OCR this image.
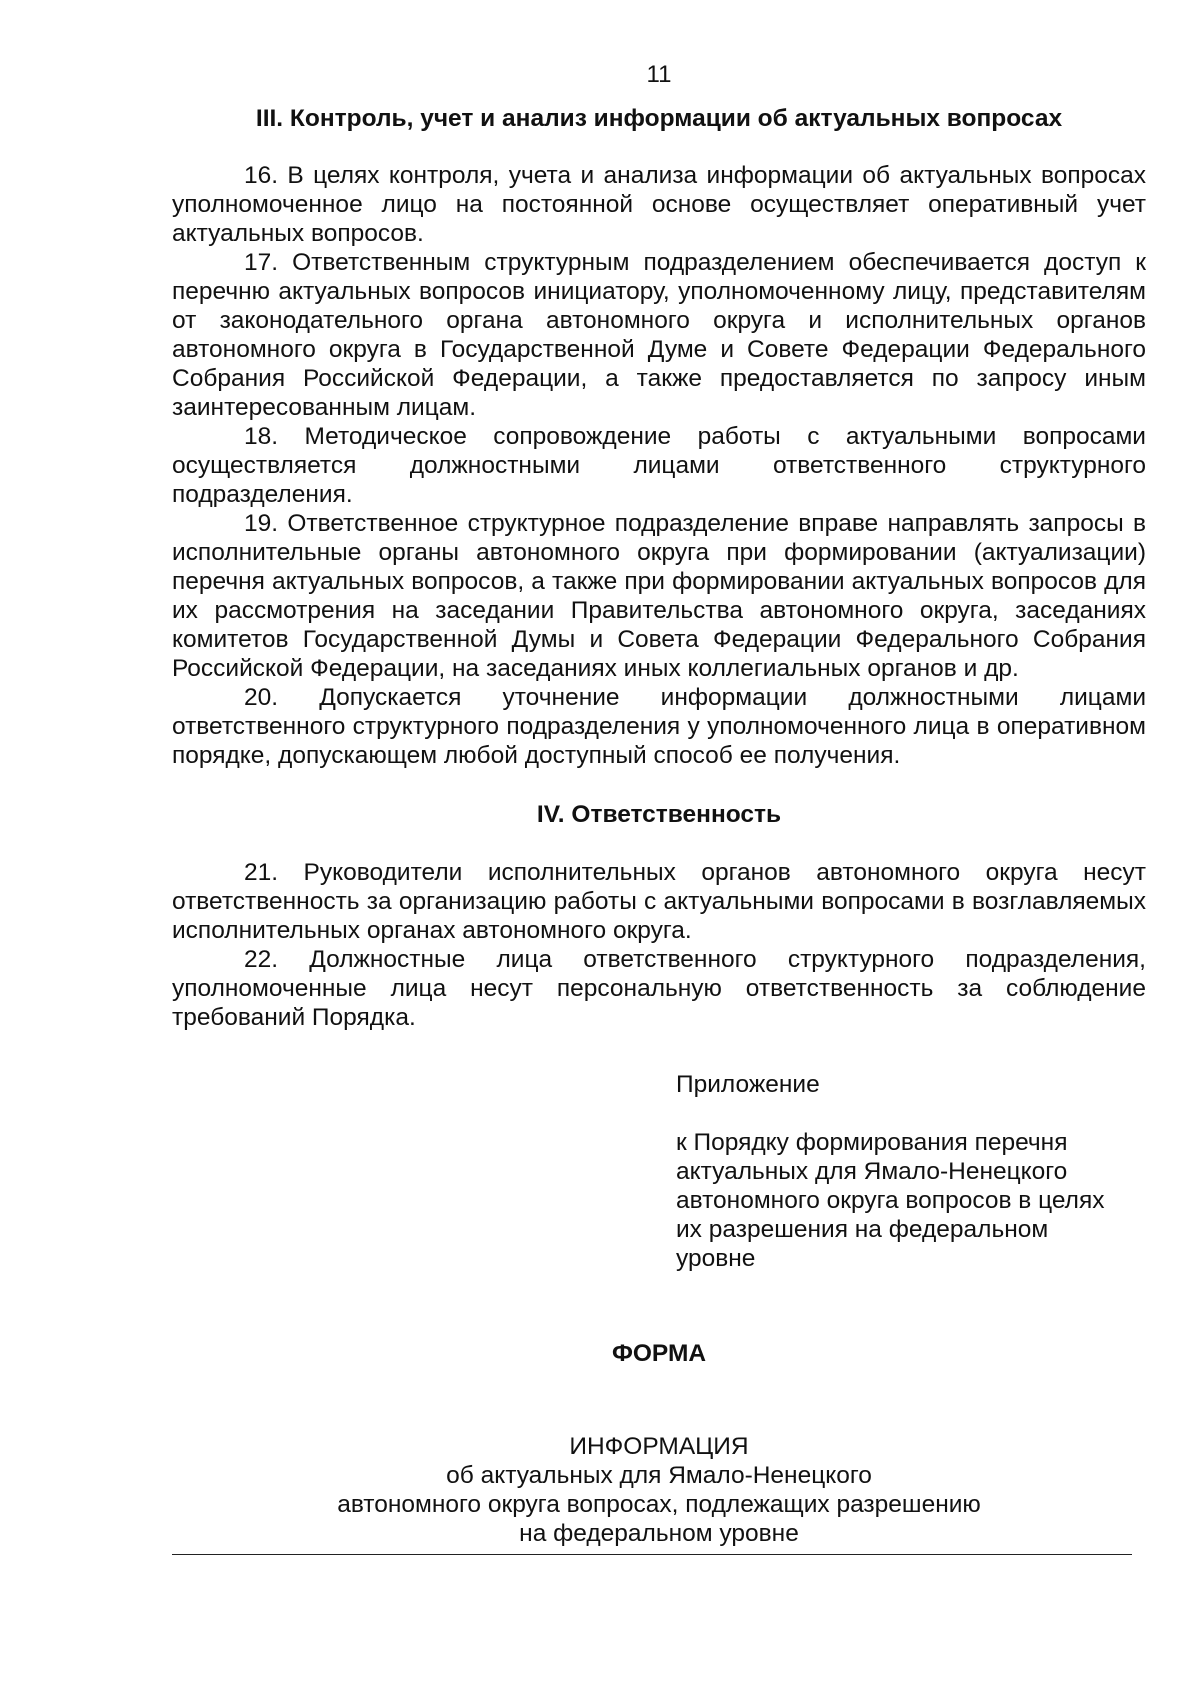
11
III. Контроль, учет и анализ информации об актуальных вопросах

16. В целях контроля, учета и анализа информации об актуальных вопросах уполномоченное лицо на постоянной основе осуществляет оперативный учет актуальных вопросов.

17. Ответственным структурным подразделением обеспечивается доступ к перечню актуальных вопросов инициатору, уполномоченному лицу, представителям от законодательного органа автономного округа и исполнительных органов автономного округа в Государственной Думе и Совете Федерации Федерального Собрания Российской Федерации, а также предоставляется по запросу иным заинтересованным лицам.

18. Методическое сопровождение работы с актуальными вопросами осуществляется должностными лицами ответственного структурного подразделения.

19. Ответственное структурное подразделение вправе направлять запросы в исполнительные органы автономного округа при формировании (актуализации) перечня актуальных вопросов, а также при формировании актуальных вопросов для их рассмотрения на заседании Правительства автономного округа, заседаниях комитетов Государственной Думы и Совета Федерации Федерального Собрания Российской Федерации, на заседаниях иных коллегиальных органов и др.

20. Допускается уточнение информации должностными лицами ответственного структурного подразделения у уполномоченного лица в оперативном порядке, допускающем любой доступный способ ее получения.

IV. Ответственность

21. Руководители исполнительных органов автономного округа несут ответственность за организацию работы с актуальными вопросами в возглавляемых исполнительных органах автономного округа.

22. Должностные лица ответственного структурного подразделения, уполномоченные лица несут персональную ответственность за соблюдение требований Порядка.

Приложение
к Порядку формирования перечня
актуальных для Ямало-Ненецкого
автономного округа вопросов в целях
их разрешения на федеральном
уровне
ФОРМА
ИНФОРМАЦИЯ
об актуальных для Ямало-Ненецкого
автономного округа вопросах, подлежащих разрешению
на федеральном уровне
